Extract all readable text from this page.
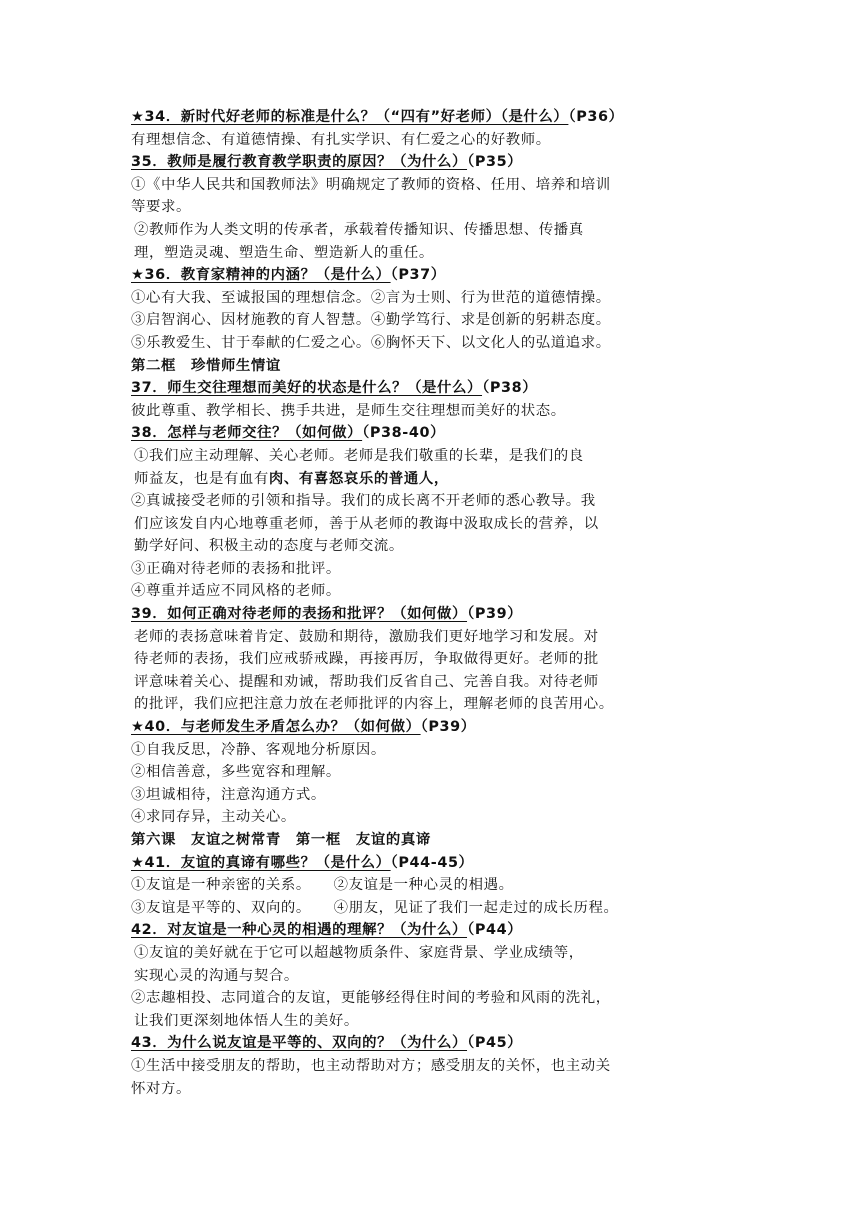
★34．新时代好老师的标准是什么？（“四有”好老师）（是什么）（P36）
有理想信念、有道德情操、有扎实学识、有仁爱之心的好教师。
35．教师是履行教育教学职责的原因？（为什么）（P35）
①《中华人民共和国教师法》明确规定了教师的资格、任用、培养和培训
等要求。
②教师作为人类文明的传承者，承载着传播知识、传播思想、传播真
理，塑造灵魂、塑造生命、塑造新人的重任。
★36．教育家精神的内涵？（是什么）（P37）
①心有大我、至诚报国的理想信念。②言为士则、行为世范的道德情操。
③启智润心、因材施教的育人智慧。④勤学笃行、求是创新的躬耕态度。
⑤乐教爱生、甘于奉献的仁爱之心。⑥胸怀天下、以文化人的弘道追求。
第二框　珍惜师生情谊
37．师生交往理想而美好的状态是什么？（是什么）（P38）
彼此尊重、教学相长、携手共进，是师生交往理想而美好的状态。
38．怎样与老师交往？（如何做）（P38-40）
①我们应主动理解、关心老师。老师是我们敬重的长辈，是我们的良
师益友，也是有血有肉、有喜怒哀乐的普通人，
②真诚接受老师的引领和指导。我们的成长离不开老师的悉心教导。我
们应该发自内心地尊重老师，善于从老师的教诲中汲取成长的营养，以
勤学好问、积极主动的态度与老师交流。
③正确对待老师的表扬和批评。
④尊重并适应不同风格的老师。
39．如何正确对待老师的表扬和批评？（如何做）（P39）
老师的表扬意味着肯定、鼓励和期待，激励我们更好地学习和发展。对
待老师的表扬，我们应戒骄戒躁，再接再厉，争取做得更好。老师的批
评意味着关心、提醒和劝诫，帮助我们反省自己、完善自我。对待老师
的批评，我们应把注意力放在老师批评的内容上，理解老师的良苦用心。
★40．与老师发生矛盾怎么办？（如何做）（P39）
①自我反思，冷静、客观地分析原因。
②相信善意，多些宽容和理解。
③坦诚相待，注意沟通方式。
④求同存异，主动关心。
第六课　友谊之树常青　第一框　友谊的真谛
★41．友谊的真谛有哪些？（是什么）（P44-45）
①友谊是一种亲密的关系。　　②友谊是一种心灵的相遇。
③友谊是平等的、双向的。　　④朋友，见证了我们一起走过的成长历程。
42．对友谊是一种心灵的相遇的理解？（为什么）（P44）
①友谊的美好就在于它可以超越物质条件、家庭背景、学业成绩等，
实现心灵的沟通与契合。
②志趣相投、志同道合的友谊，更能够经得住时间的考验和风雨的洗礼，
让我们更深刻地体悟人生的美好。
43．为什么说友谊是平等的、双向的？（为什么）（P45）
①生活中接受朋友的帮助，也主动帮助对方；感受朋友的关怀，也主动关
怀对方。
